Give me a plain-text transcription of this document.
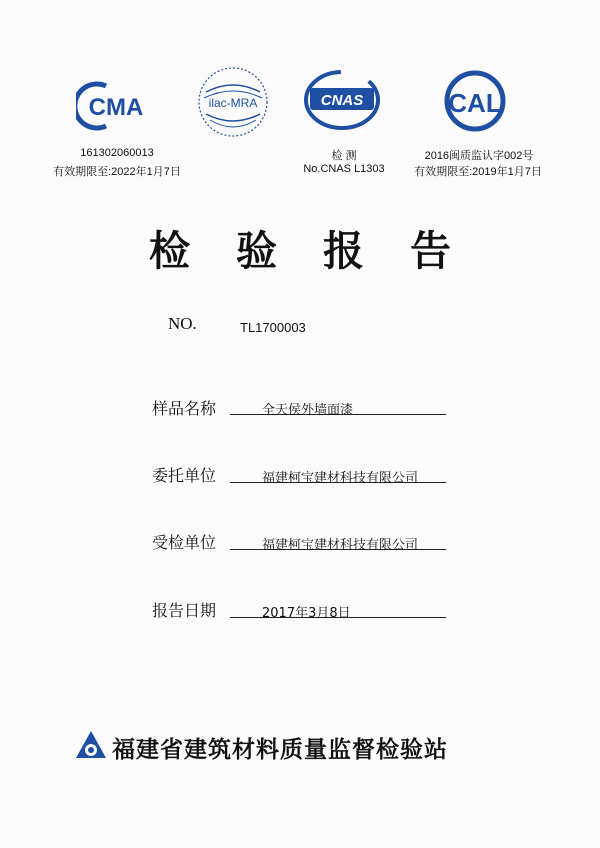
CMA
161302060013
有效期限至:2022年1月7日
ilac-MRA	CNAS
检 测
No.CNAS L1303
CAL
2016闽质监认字002号
有效期限至:2019年1月7日
检验报告
NO.	TL1700003
样品名称	全天侯外墙面漆
委托单位	福建柯宝建材科技有限公司
受检单位	福建柯宝建材科技有限公司
报告日期	2017年3月8日
福建省建筑材料质量监督检验站
